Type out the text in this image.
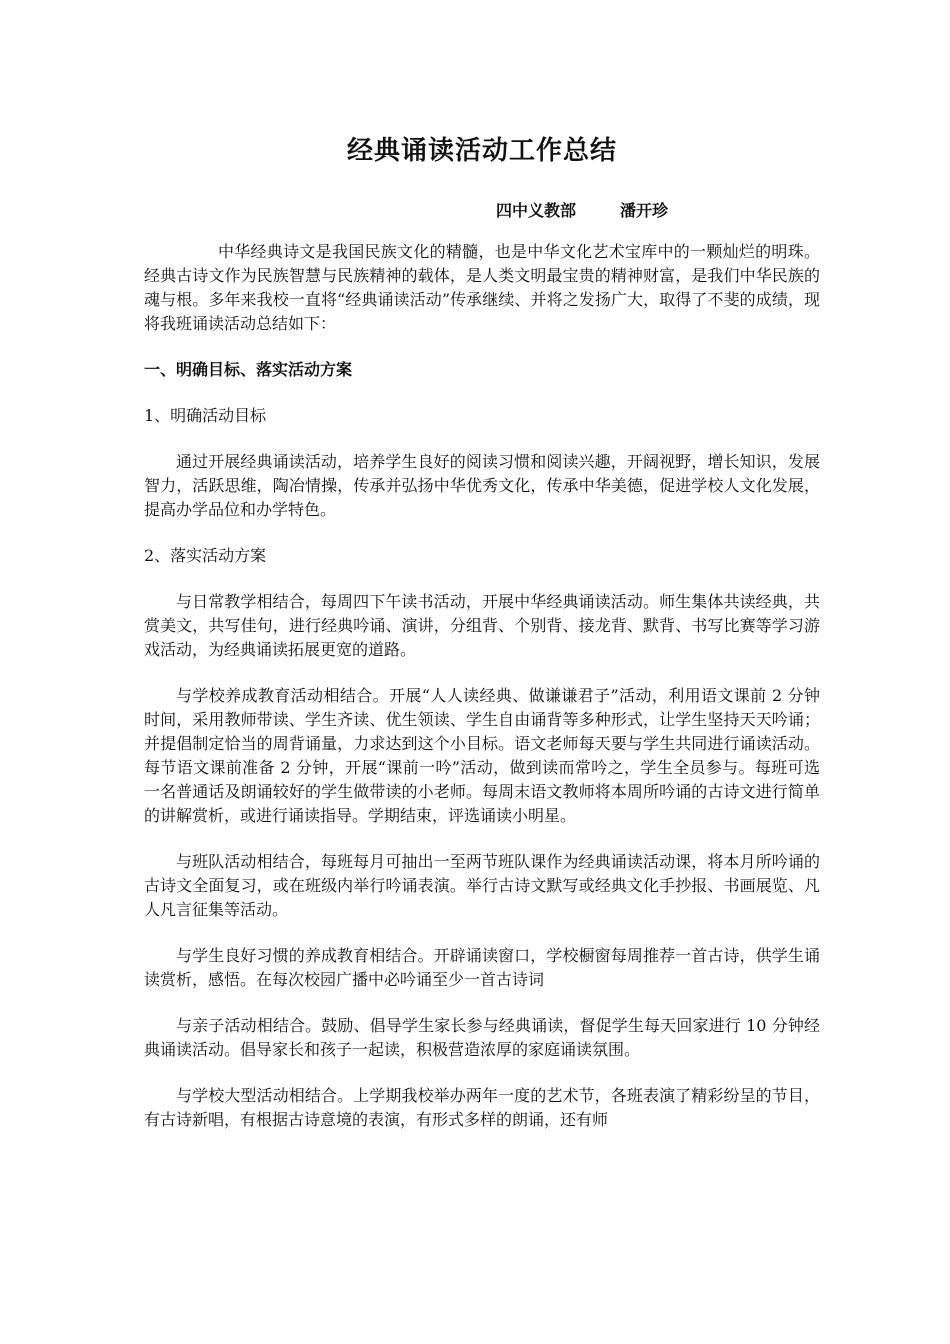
经典诵读活动工作总结
四中义教部	潘开珍

中华经典诗文是我国民族文化的精髓，也是中华文化艺术宝库中的一颗灿烂的明珠。经典古诗文作为民族智慧与民族精神的载体，是人类文明最宝贵的精神财富，是我们中华民族的魂与根。多年来我校一直将“经典诵读活动”传承继续、并将之发扬广大，取得了不斐的成绩，现将我班诵读活动总结如下：

一、明确目标、落实活动方案

1、明确活动目标

通过开展经典诵读活动，培养学生良好的阅读习惯和阅读兴趣，开阔视野，增长知识，发展智力，活跃思维，陶冶情操，传承并弘扬中华优秀文化，传承中华美德，促进学校人文化发展，提高办学品位和办学特色。

2、落实活动方案

与日常教学相结合，每周四下午读书活动，开展中华经典诵读活动。师生集体共读经典，共赏美文，共写佳句，进行经典吟诵、演讲，分组背、个别背、接龙背、默背、书写比赛等学习游戏活动，为经典诵读拓展更宽的道路。

与学校养成教育活动相结合。开展“人人读经典、做谦谦君子”活动，利用语文课前 2 分钟时间，采用教师带读、学生齐读、优生领读、学生自由诵背等多种形式，让学生坚持天天吟诵；并提倡制定恰当的周背诵量，力求达到这个小目标。语文老师每天要与学生共同进行诵读活动。每节语文课前准备 2 分钟，开展“课前一吟”活动，做到读而常吟之，学生全员参与。每班可选一名普通话及朗诵较好的学生做带读的小老师。每周末语文教师将本周所吟诵的古诗文进行简单的讲解赏析，或进行诵读指导。学期结束，评选诵读小明星。

与班队活动相结合，每班每月可抽出一至两节班队课作为经典诵读活动课，将本月所吟诵的古诗文全面复习，或在班级内举行吟诵表演。举行古诗文默写或经典文化手抄报、书画展览、凡人凡言征集等活动。

与学生良好习惯的养成教育相结合。开辟诵读窗口，学校橱窗每周推荐一首古诗，供学生诵读赏析，感悟。在每次校园广播中必吟诵至少一首古诗词

与亲子活动相结合。鼓励、倡导学生家长参与经典诵读，督促学生每天回家进行 10 分钟经典诵读活动。倡导家长和孩子一起读，积极营造浓厚的家庭诵读氛围。

与学校大型活动相结合。上学期我校举办两年一度的艺术节，各班表演了精彩纷呈的节目，有古诗新唱，有根据古诗意境的表演，有形式多样的朗诵，还有师
